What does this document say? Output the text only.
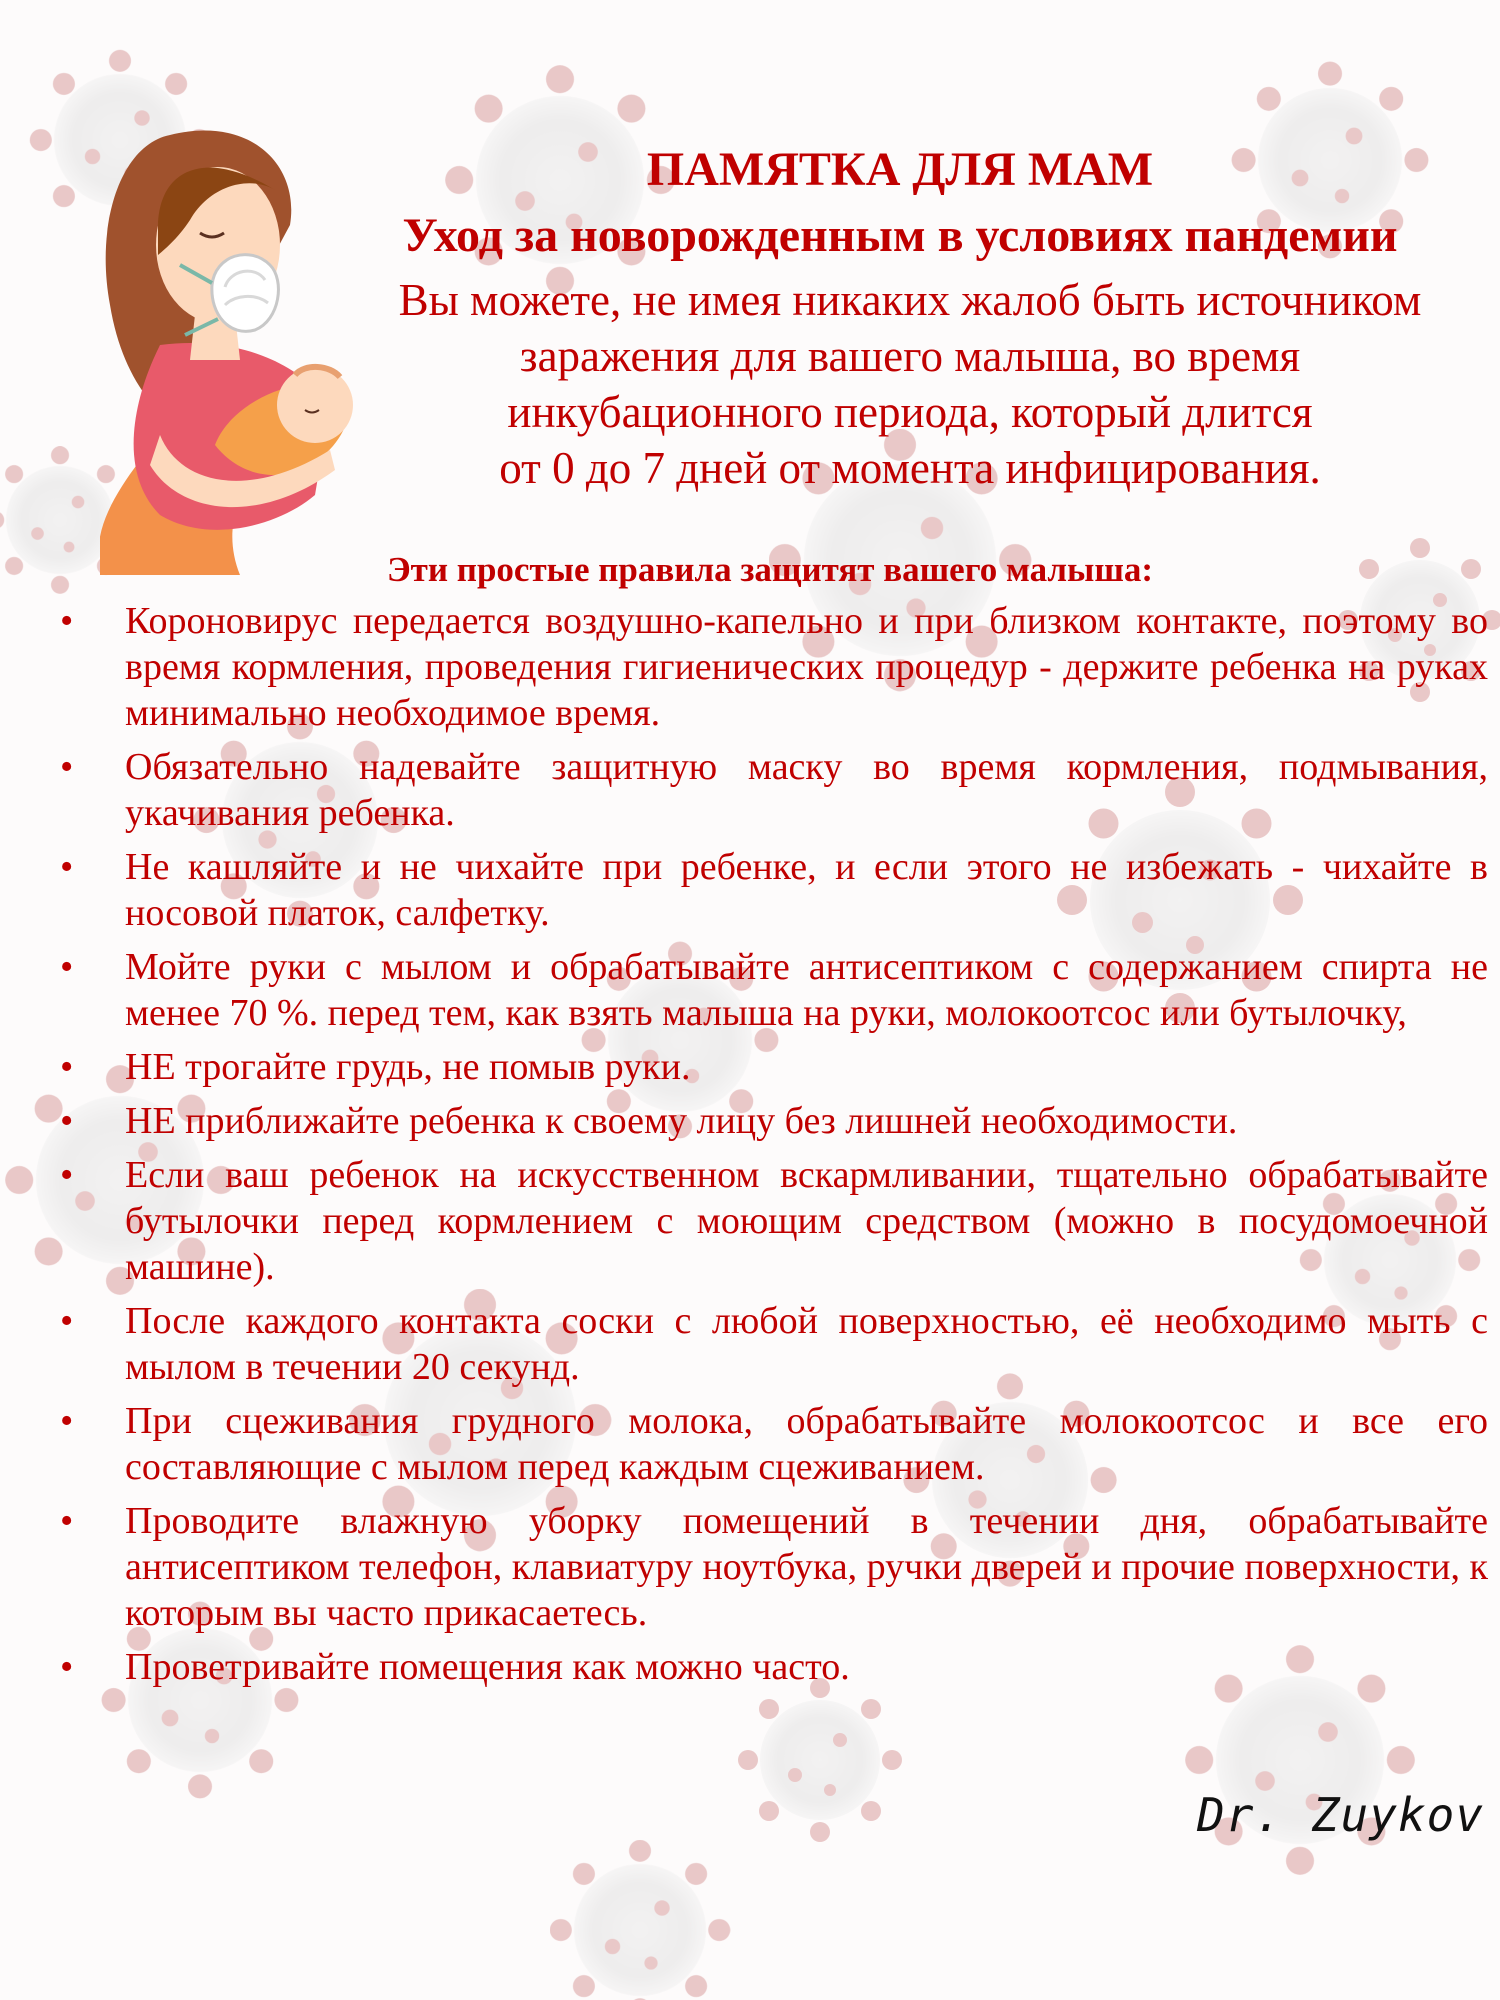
ПАМЯТКА ДЛЯ МАМ
Уход за новорожденным в условиях пандемии
Вы можете, не имея никаких жалоб быть источником
заражения для вашего малыша, во время
инкубационного периода, который длится
от 0 до 7 дней от момента инфицирования.
Эти простые правила защитят вашего малыша:
• Короновирус передается воздушно-капельно и при близком контакте, поэтому во время кормления, проведения гигиенических процедур - держите ребенка на руках минимально необходимое время.
• Обязательно надевайте защитную маску во время кормления, подмывания, укачивания ребенка.
• Не кашляйте и не чихайте при ребенке, и если этого не избежать - чихайте в носовой платок, салфетку.
• Мойте руки с мылом и обрабатывайте антисептиком с содержанием спирта не менее 70 %. перед тем, как взять малыша на руки, молокоотсос или бутылочку,
• НЕ трогайте грудь, не помыв руки.
• НЕ приближайте ребенка к своему лицу без лишней необходимости.
• Если ваш ребенок на искусственном вскармливании, тщательно обрабатывайте бутылочки перед кормлением с моющим средством (можно в посудомоечной машине).
• После каждого контакта соски с любой поверхностью, её необходимо мыть с мылом в течении 20 секунд.
• При сцеживания грудного молока, обрабатывайте молокоотсос и все его составляющие с мылом перед каждым сцеживанием.
• Проводите влажную уборку помещений в течении дня, обрабатывайте антисептиком телефон, клавиатуру ноутбука, ручки дверей и прочие поверхности, к которым вы часто прикасаетесь.
• Проветривайте помещения как можно часто.
Dr. Zuykov
